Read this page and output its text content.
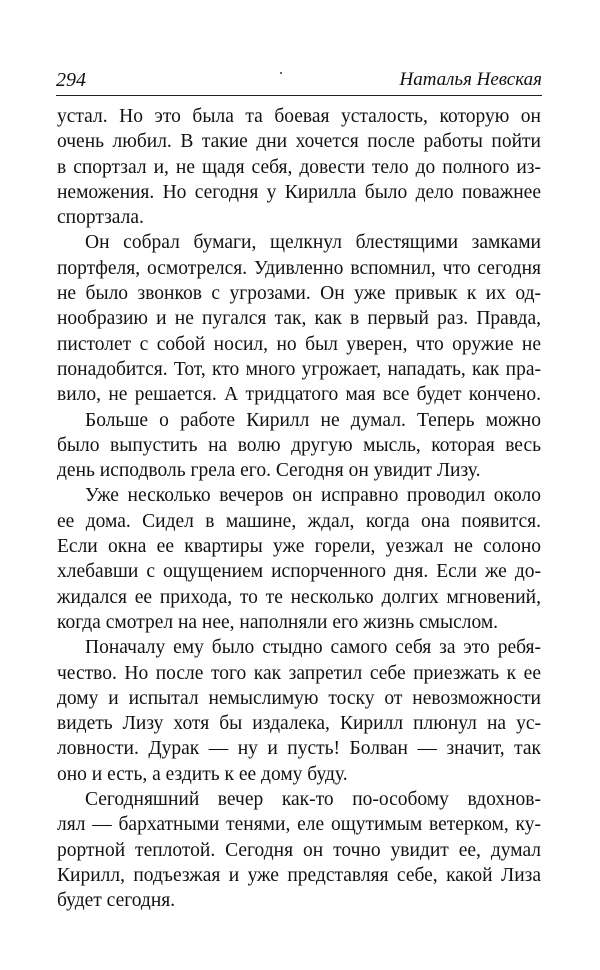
294	Наталья Невская
устал. Но это была та боевая усталость, которую он
очень любил. В такие дни хочется после работы пойти
в спортзал и, не щадя себя, довести тело до полного из-
неможения. Но сегодня у Кирилла было дело поважнее
спортзала.
Он собрал бумаги, щелкнул блестящими замками
портфеля, осмотрелся. Удивленно вспомнил, что сегодня
не было звонков с угрозами. Он уже привык к их од-
нообразию и не пугался так, как в первый раз. Правда,
пистолет с собой носил, но был уверен, что оружие не
понадобится. Тот, кто много угрожает, нападать, как пра-
вило, не решается. А тридцатого мая все будет кончено.
Больше о работе Кирилл не думал. Теперь можно
было выпустить на волю другую мысль, которая весь
день исподволь грела его. Сегодня он увидит Лизу.
Уже несколько вечеров он исправно проводил около
ее дома. Сидел в машине, ждал, когда она появится.
Если окна ее квартиры уже горели, уезжал не солоно
хлебавши с ощущением испорченного дня. Если же до-
жидался ее прихода, то те несколько долгих мгновений,
когда смотрел на нее, наполняли его жизнь смыслом.
Поначалу ему было стыдно самого себя за это ребя-
чество. Но после того как запретил себе приезжать к ее
дому и испытал немыслимую тоску от невозможности
видеть Лизу хотя бы издалека, Кирилл плюнул на ус-
ловности. Дурак — ну и пусть! Болван — значит, так
оно и есть, а ездить к ее дому буду.
Сегодняшний вечер как-то по-особому вдохнов-
лял — бархатными тенями, еле ощутимым ветерком, ку-
рортной теплотой. Сегодня он точно увидит ее, думал
Кирилл, подъезжая и уже представляя себе, какой Лиза
будет сегодня.
